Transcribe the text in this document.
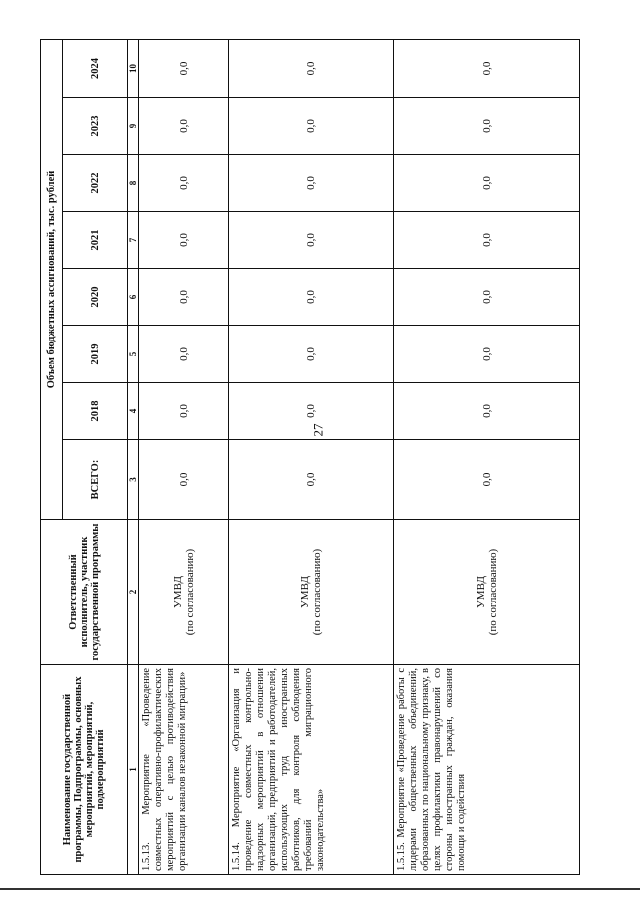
27
Наименование государственной программы, Подпрограммы, основных мероприятий, мероприятий, подмероприятий	Ответственный исполнитель, участник государственной программы	Объем бюджетных ассигнований, тыс. рублей							
		ВСЕГО:	2018	2019	2020	2021	2022	2023	2024
1	2	3	4	5	6	7	8	9	10
1.5.13. Мероприятие «Проведение совместных оперативно-профилактических мероприятий с целью противодействия организации каналов незаконной миграции»	УМВД (по согласованию)	0,0	0,0	0,0	0,0	0,0	0,0	0,0	0,0
1.5.14. Мероприятие «Организация и проведение совместных контрольно-надзорных мероприятий в отношении организаций, предприятий и работодателей, использующих труд иностранных работников, для контроля соблюдения требований миграционного законодательства»	УМВД (по согласованию)	0,0	0,0	0,0	0,0	0,0	0,0	0,0	0,0
1.5.15. Мероприятие «Проведение работы с лидерами общественных объединений, образованных по национальному признаку, в целях профилактики правонарушений со стороны иностранных граждан, оказания помощи и содействия	УМВД (по согласованию)	0,0	0,0	0,0	0,0	0,0	0,0	0,0	0,0
